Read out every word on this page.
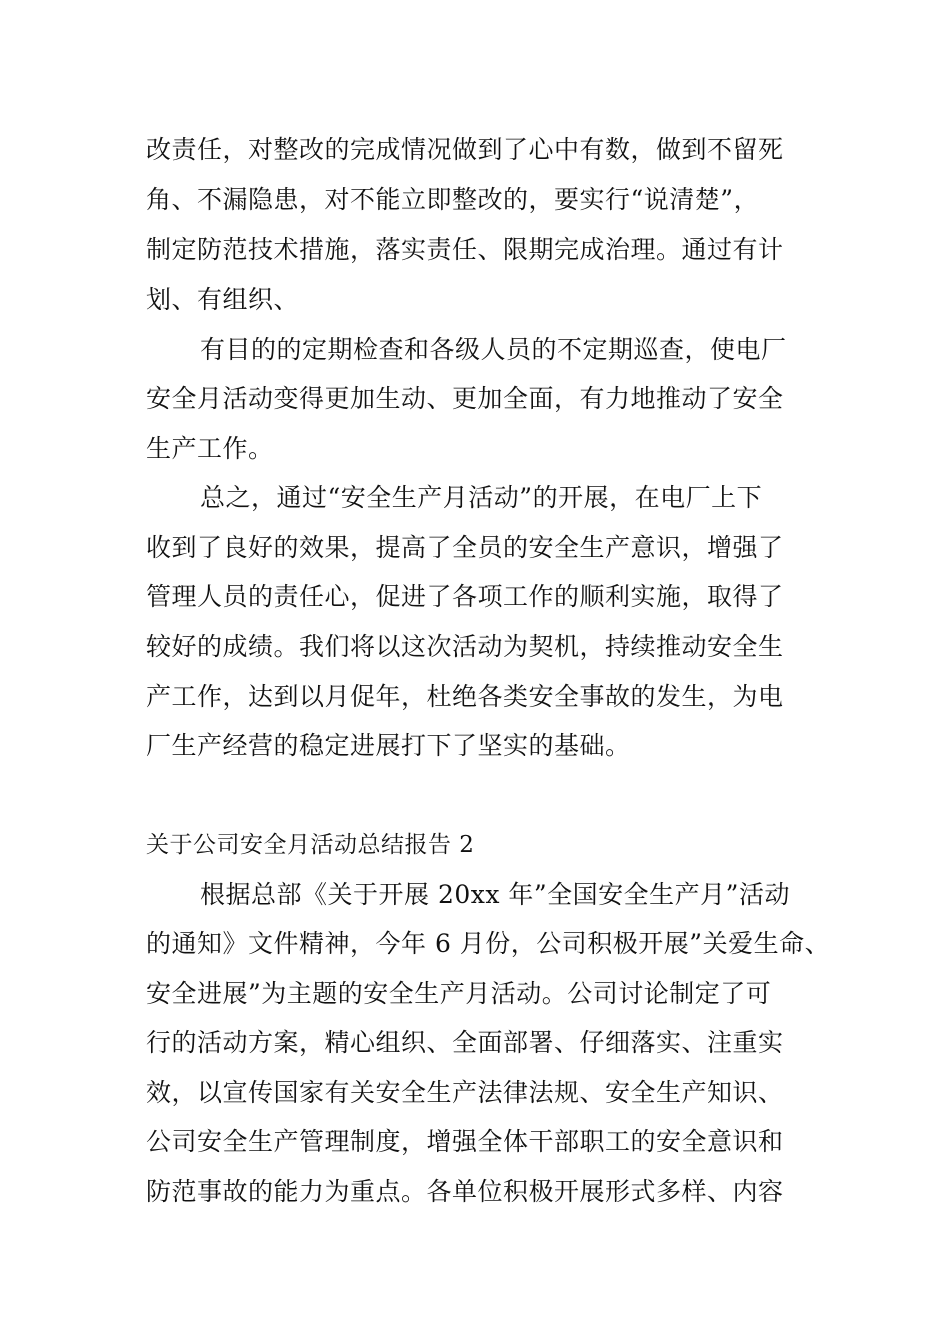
改责任，对整改的完成情况做到了心中有数，做到不留死
角、不漏隐患，对不能立即整改的，要实行“说清楚”，
制定防范技术措施，落实责任、限期完成治理。通过有计
划、有组织、
有目的的定期检查和各级人员的不定期巡查，使电厂
安全月活动变得更加生动、更加全面，有力地推动了安全
生产工作。
总之，通过“安全生产月活动”的开展，在电厂上下
收到了良好的效果，提高了全员的安全生产意识，增强了
管理人员的责任心，促进了各项工作的顺利实施，取得了
较好的成绩。我们将以这次活动为契机，持续推动安全生
产工作，达到以月促年，杜绝各类安全事故的发生，为电
厂生产经营的稳定进展打下了坚实的基础。
关于公司安全月活动总结报告 2
根据总部《关于开展 20xx 年”全国安全生产月”活动
的通知》文件精神，今年 6 月份，公司积极开展”关爱生命、
安全进展”为主题的安全生产月活动。公司讨论制定了可
行的活动方案，精心组织、全面部署、仔细落实、注重实
效，以宣传国家有关安全生产法律法规、安全生产知识、
公司安全生产管理制度，增强全体干部职工的安全意识和
防范事故的能力为重点。各单位积极开展形式多样、内容
